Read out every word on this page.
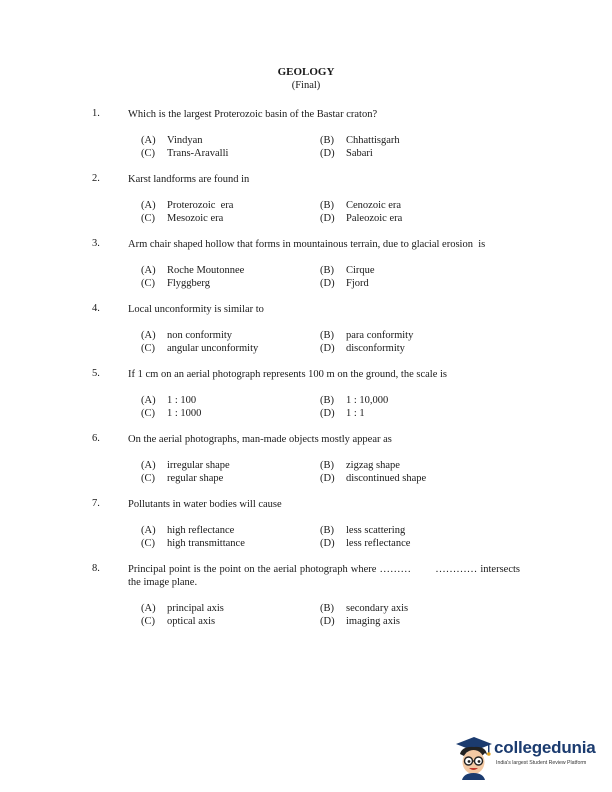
GEOLOGY
(Final)
1.	Which is the largest Proterozoic basin of the Bastar craton?
(A) Vindyan	(B) Chhattisgarh
(C) Trans-Aravalli	(D) Sabari
2.	Karst landforms are found in
(A) Proterozoic  era	(B) Cenozoic era
(C) Mesozoic era	(D) Paleozoic era
3.	Arm chair shaped hollow that forms in mountainous terrain, due to glacial erosion  is
(A) Roche Moutonnee	(B) Cirque
(C) Flyggberg	(D) Fjord
4.	Local unconformity is similar to
(A) non conformity	(B) para conformity
(C) angular unconformity	(D) disconformity
5.	If 1 cm on an aerial photograph represents 100 m on the ground, the scale is
(A) 1 : 100	(B) 1 : 10,000
(C) 1 : 1000	(D) 1 : 1
6.	On the aerial photographs, man-made objects mostly appear as
(A) irregular shape	(B) zigzag shape
(C) regular shape	(D) discontinued shape
7.	Pollutants in water bodies will cause
(A) high reflectance	(B) less scattering
(C) high transmittance	(D) less reflectance
8.	Principal point is the point on the aerial photograph where ………        ………… intersects the image plane.
(A) principal axis	(B) secondary axis
(C) optical axis	(D) imaging axis
collegedunia
India's largest Student Review Platform
